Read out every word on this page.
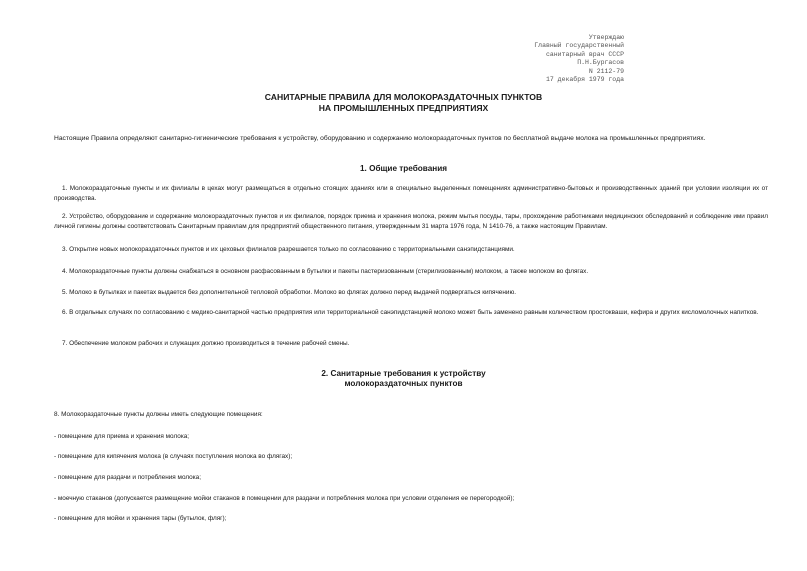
Утверждаю
Главный государственный
санитарный врач СССР
П.Н.Бургасов
N 2112-79
17 декабря 1979 года
САНИТАРНЫЕ ПРАВИЛА ДЛЯ МОЛОКОРАЗДАТОЧНЫХ ПУНКТОВ
НА ПРОМЫШЛЕННЫХ ПРЕДПРИЯТИЯХ
Настоящие Правила определяют санитарно-гигиенические требования к устройству, оборудованию и содержанию молокораздаточных пунктов по бесплатной выдаче молока на промышленных предприятиях.
1. Общие требования
1. Молокораздаточные пункты и их филиалы в цехах могут размещаться в отдельно стоящих зданиях или в специально выделенных помещениях административно-бытовых и производственных зданий при условии изоляции их от производства.
2. Устройство, оборудование и содержание молокораздаточных пунктов и их филиалов, порядок приема и хранения молока, режим мытья посуды, тары, прохождение работниками медицинских обследований и соблюдение ими правил личной гигиены должны соответствовать Санитарным правилам для предприятий общественного питания, утвержденным 31 марта 1976 года, N 1410-76, а также настоящим Правилам.
3. Открытие новых молокораздаточных пунктов и их цеховых филиалов разрешается только по согласованию с территориальными санэпидстанциями.
4. Молокораздаточные пункты должны снабжаться в основном расфасованным в бутылки и пакеты пастеризованным (стерилизованным) молоком, а также молоком во флягах.
5. Молоко в бутылках и пакетах выдается без дополнительной тепловой обработки. Молоко во флягах должно перед выдачей подвергаться кипячению.
6. В отдельных случаях по согласованию с медико-санитарной частью предприятия или территориальной санэпидстанцией молоко может быть заменено равным количеством простокваши, кефира и других кисломолочных напитков.
7. Обеспечение молоком рабочих и служащих должно производиться в течение рабочей смены.
2. Санитарные требования к устройству
молокораздаточных пунктов
8. Молокораздаточные пункты должны иметь следующие помещения:
- помещение для приема и хранения молока;
- помещение для кипячения молока (в случаях поступления молока во флягах);
- помещение для раздачи и потребления молока;
- моечную стаканов (допускается размещение мойки стаканов в помещении для раздачи и потребления молока при условии отделения ее перегородкой);
- помещение для мойки и хранения тары (бутылок, фляг);
